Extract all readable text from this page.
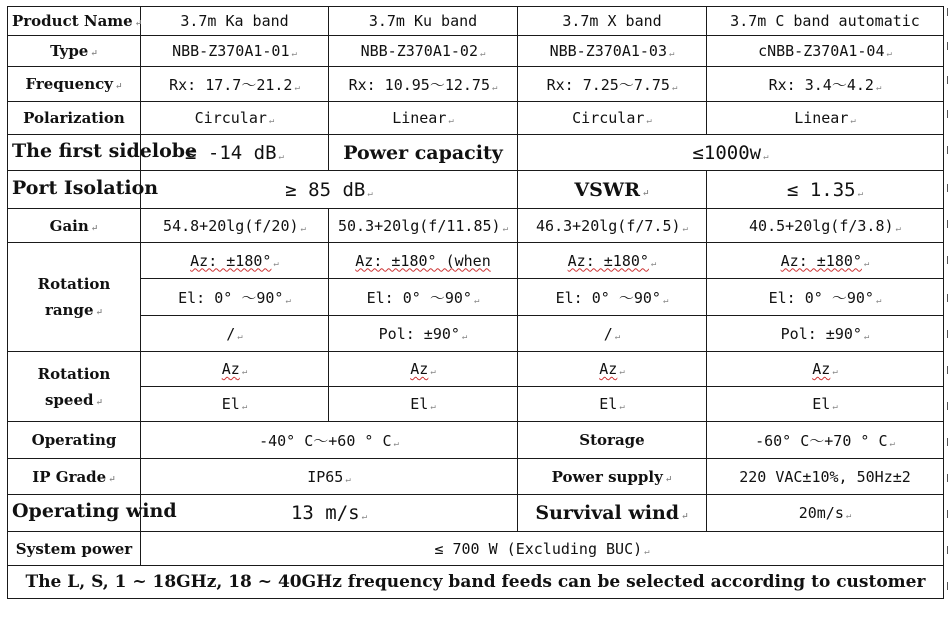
Product Name ↵	3.7m Ka band	3.7m Ku band	3.7m X band	3.7m C band automatic
Type ↵	NBB-Z370A1-01 ↵	NBB-Z370A1-02 ↵	NBB-Z370A1-03 ↵	cNBB-Z370A1-04 ↵
Frequency ↵	Rx: 17.7～21.2 ↵	Rx: 10.95～12.75 ↵	Rx: 7.25～7.75 ↵	Rx: 3.4～4.2 ↵
Polarization	Circular ↵	Linear ↵	Circular ↵	Linear ↵

The first sidelobe	≤ -14 dB ↵	Power capacity	≤1000w ↵	

Port Isolation	≥ 85 dB ↵		VSWR ↵	≤ 1.35 ↵
Gain ↵	54.8+20lg(f/20) ↵	50.3+20lg(f/11.85) ↵	46.3+20lg(f/7.5) ↵	40.5+20lg(f/3.8) ↵

Rotation
range ↵	Az: ±180° ↵	Az: ±180° (when	Az: ±180° ↵	Az: ±180° ↵
	El: 0° ～90° ↵	El: 0° ～90° ↵	El: 0° ～90° ↵	El: 0° ～90° ↵
	/ ↵	Pol: ±90° ↵	/ ↵	Pol: ±90° ↵

Rotation
speed ↵	Az ↵	Az ↵	Az ↵	Az ↵
	El ↵	El ↵	El ↵	El ↵
Operating	-40° C～+60 ° C ↵		Storage	-60° C～+70 ° C ↵
IP Grade ↵	IP65 ↵		Power supply ↵	220 VAC±10%, 50Hz±2

Operating wind	13 m/s ↵		Survival wind ↵	20m/s ↵
System power	≤ 700 W (Excluding BUC) ↵			
The L, S, 1 ~ 18GHz, 18 ~ 40GHz frequency band feeds can be selected according to customer				
